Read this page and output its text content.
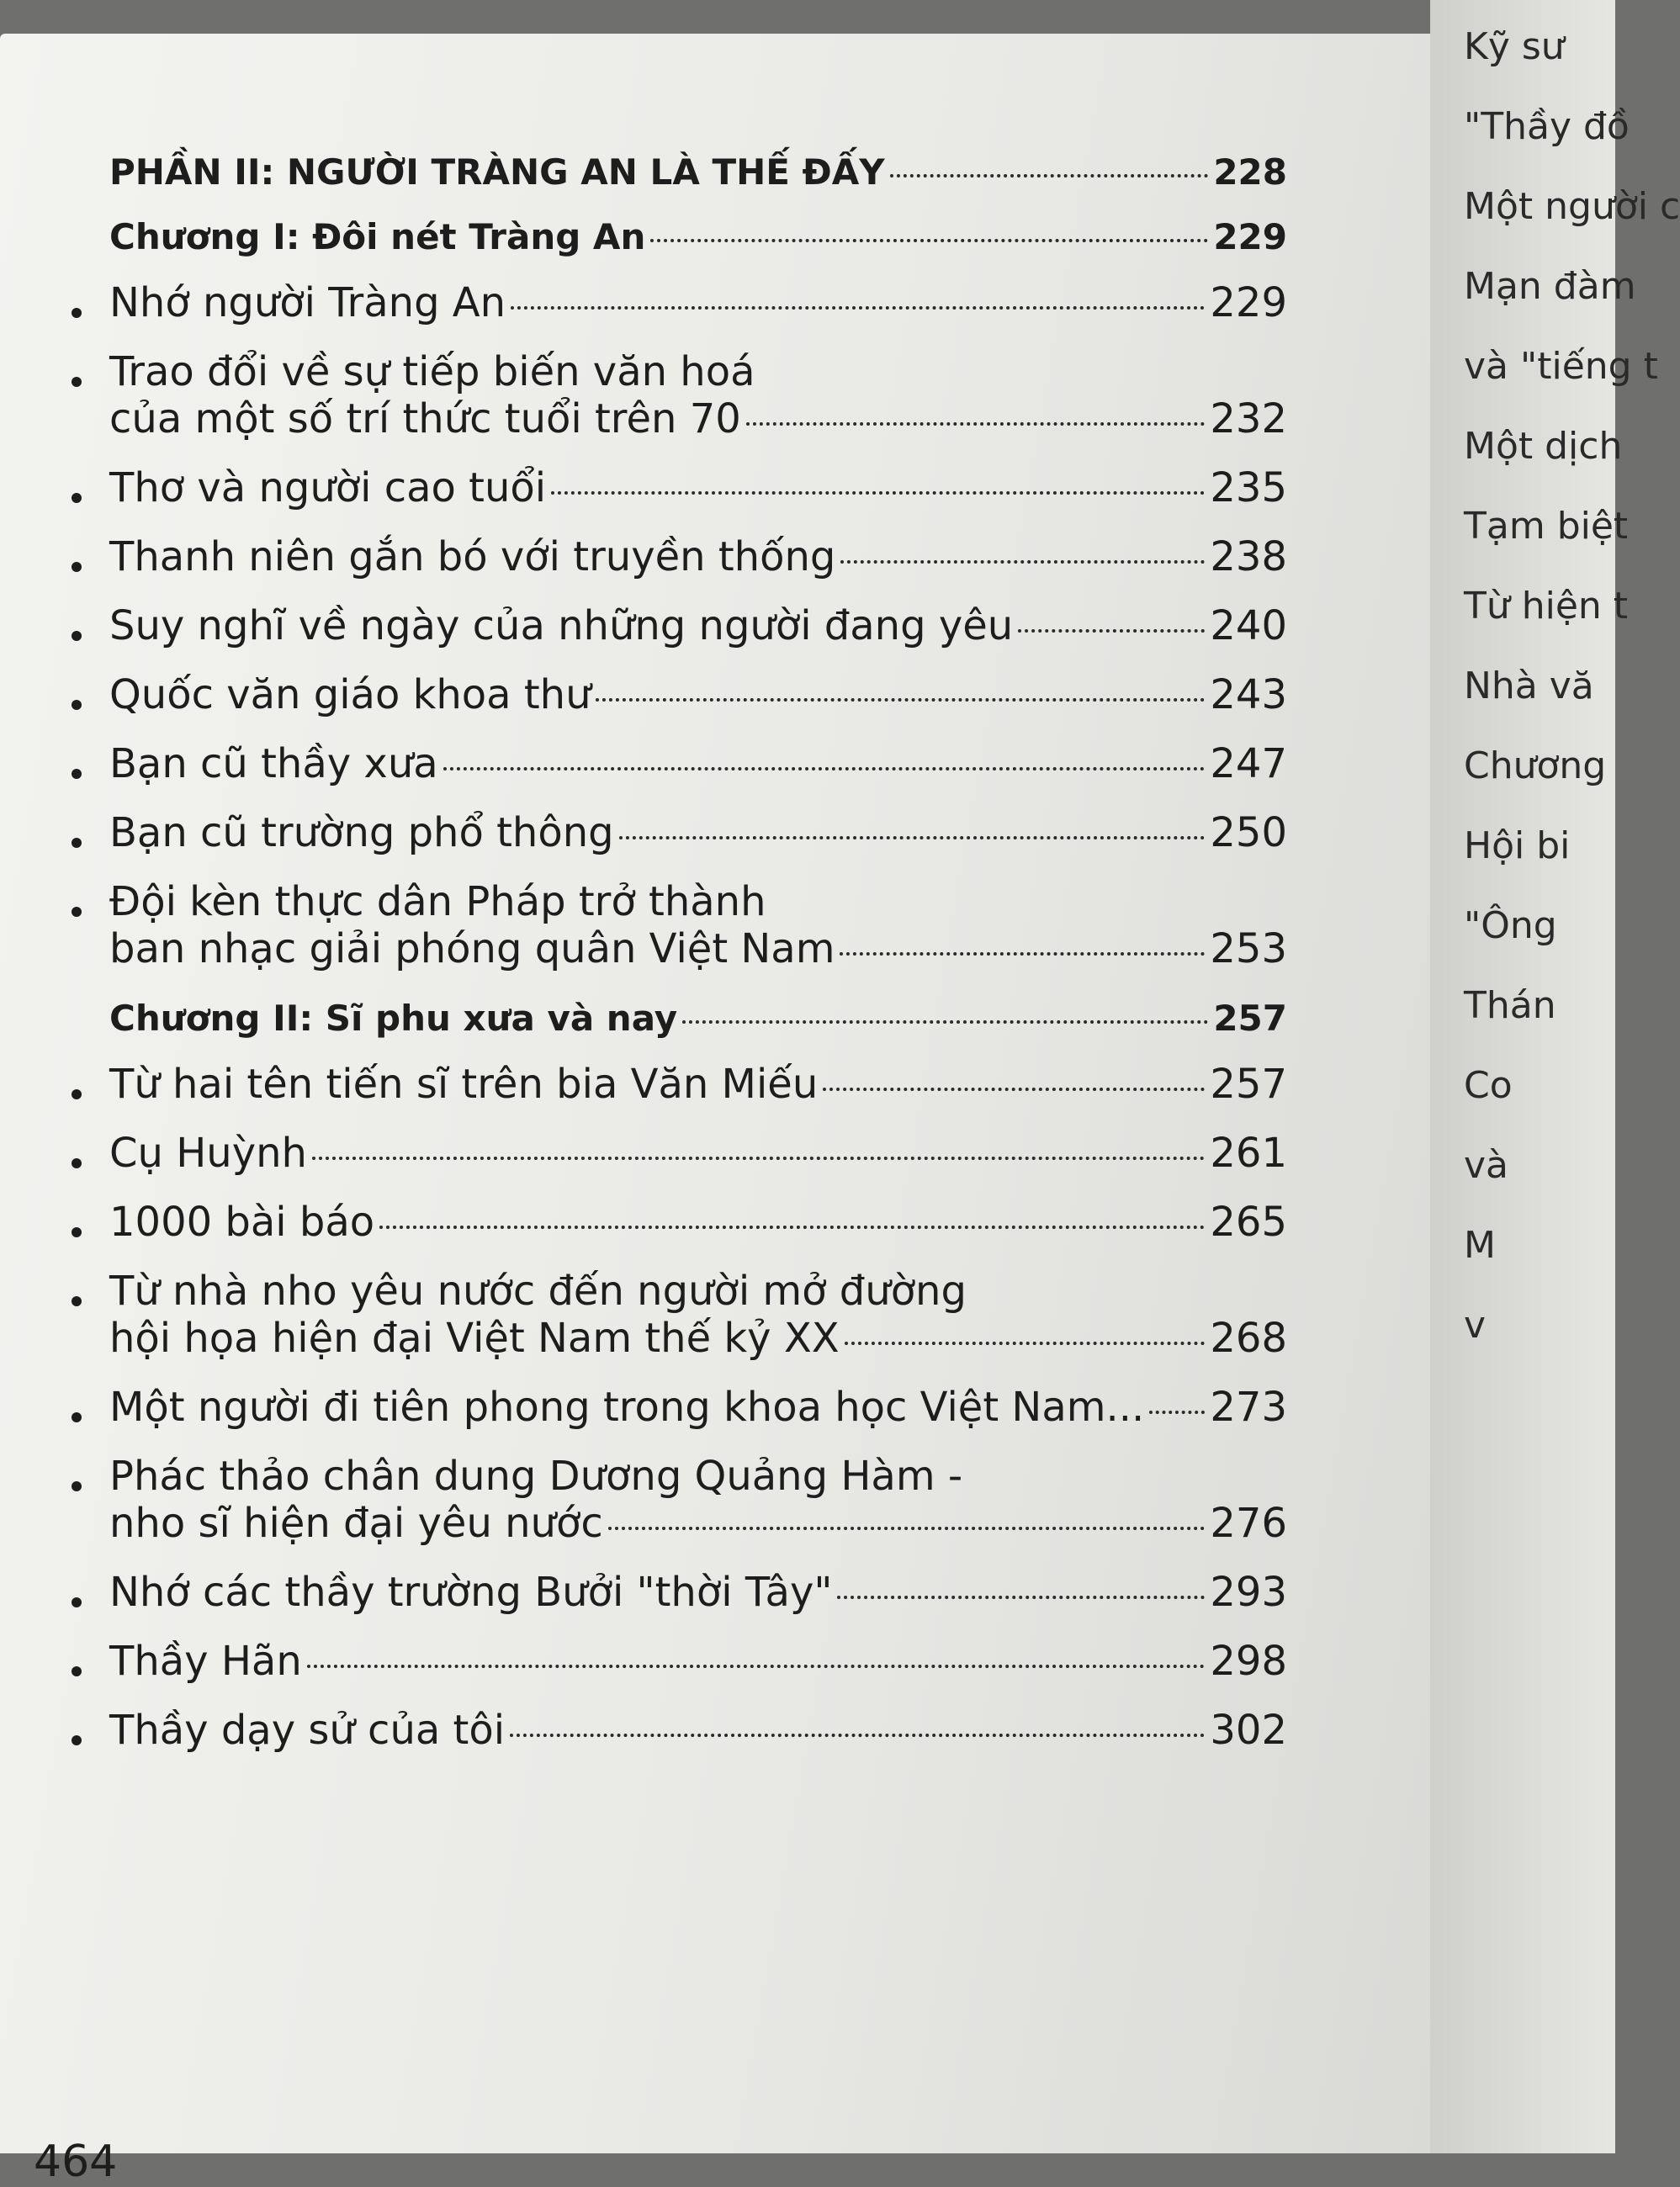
PHẦN II: NGƯỜI TRÀNG AN LÀ THẾ ĐẤY	228
Chương I: Đôi nét Tràng An	229
Nhớ người Tràng An	229
Trao đổi về sự tiếp biến văn hoá
của một số trí thức tuổi trên 70	232
Thơ và người cao tuổi	235
Thanh niên gắn bó với truyền thống	238
Suy nghĩ về ngày của những người đang yêu	240
Quốc văn giáo khoa thư	243
Bạn cũ thầy xưa	247
Bạn cũ trường phổ thông	250
Đội kèn thực dân Pháp trở thành
ban nhạc giải phóng quân Việt Nam	253
Chương II: Sĩ phu xưa và nay	257
Từ hai tên tiến sĩ trên bia Văn Miếu	257
Cụ Huỳnh	261
1000 bài báo	265
Từ nhà nho yêu nước đến người mở đường
hội họa hiện đại Việt Nam thế kỷ XX	268
Một người đi tiên phong trong khoa học Việt Nam... 273
Phác thảo chân dung Dương Quảng Hàm -
nho sĩ hiện đại yêu nước	276
Nhớ các thầy trường Bưởi "thời Tây"	293
Thầy Hãn	298
Thầy dạy sử của tôi	302
464
Kỹ sư
"Thầy đồ
Một người c
Mạn đàm
và "tiếng t
Một dịch
Tạm biệt
Từ hiện t
Nhà vă
Chương
Hội bi
"Ông
Thán
Co
và
M
v
